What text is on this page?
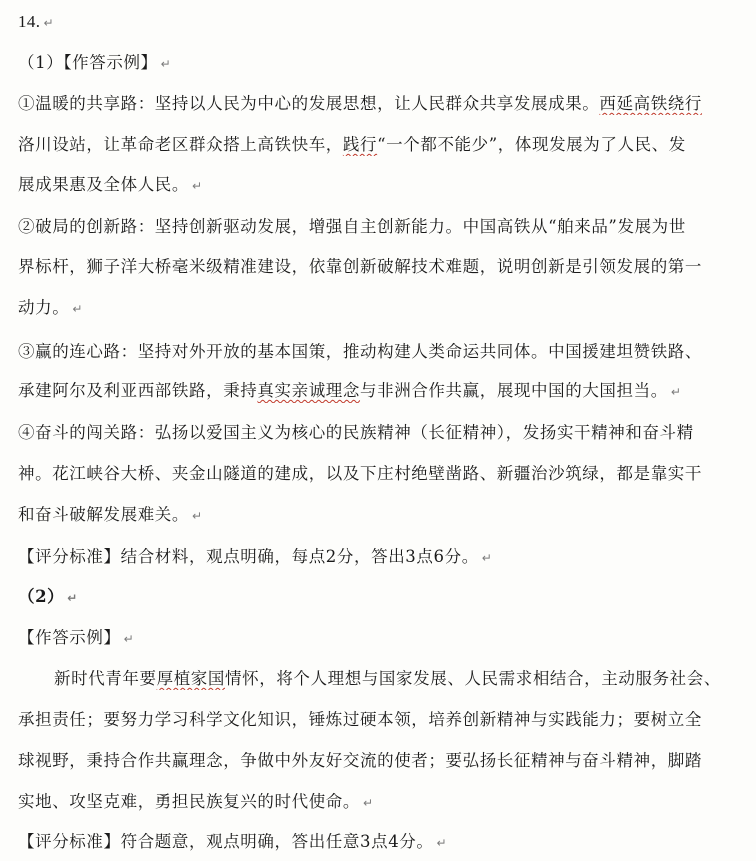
14. ↵
（1）【作答示例】 ↵
①温暖的共享路：坚持以人民为中心的发展思想，让人民群众共享发展成果。西延高铁绕行
洛川设站，让革命老区群众搭上高铁快车，践行“一个都不能少”，体现发展为了人民、发
展成果惠及全体人民。 ↵
②破局的创新路：坚持创新驱动发展，增强自主创新能力。中国高铁从“舶来品”发展为世
界标杆，狮子洋大桥毫米级精准建设，依靠创新破解技术难题，说明创新是引领发展的第一
动力。 ↵
③赢的连心路：坚持对外开放的基本国策，推动构建人类命运共同体。中国援建坦赞铁路、
承建阿尔及利亚西部铁路，秉持真实亲诚理念与非洲合作共赢，展现中国的大国担当。 ↵
④奋斗的闯关路：弘扬以爱国主义为核心的民族精神（长征精神），发扬实干精神和奋斗精
神。花江峡谷大桥、夹金山隧道的建成，以及下庄村绝壁凿路、新疆治沙筑绿，都是靠实干
和奋斗破解发展难关。 ↵
【评分标准】结合材料，观点明确，每点2分，答出3点6分。 ↵
（2） ↵
【作答示例】 ↵
新时代青年要厚植家国情怀，将个人理想与国家发展、人民需求相结合，主动服务社会、
承担责任；要努力学习科学文化知识，锤炼过硬本领，培养创新精神与实践能力；要树立全
球视野，秉持合作共赢理念，争做中外友好交流的使者；要弘扬长征精神与奋斗精神，脚踏
实地、攻坚克难，勇担民族复兴的时代使命。 ↵
【评分标准】符合题意，观点明确，答出任意3点4分。 ↵
